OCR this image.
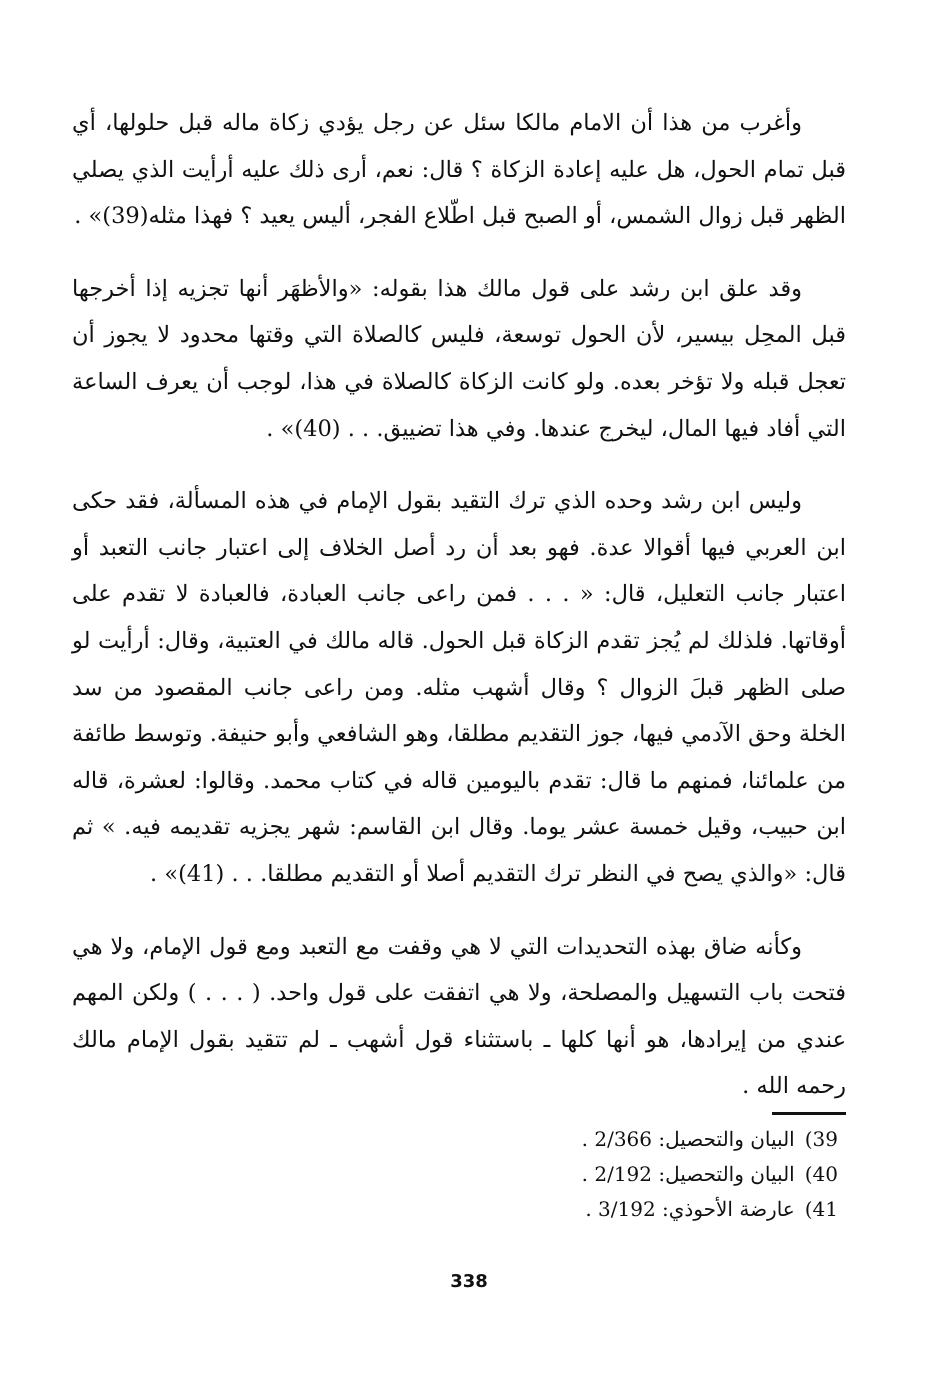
وأغرب من هذا أن الامام مالكا سئل عن رجل يؤدي زكاة ماله قبل حلولها، أي قبل تمام الحول، هل عليه إعادة الزكاة ؟ قال: نعم، أرى ذلك عليه أرأيت الذي يصلي الظهر قبل زوال الشمس، أو الصبح قبل اطّلاع الفجر، أليس يعيد ؟ فهذا مثله(39)» .

وقد علق ابن رشد على قول مالك هذا بقوله: «والأظهَر أنها تجزيه إذا أخرجها قبل المحِل بيسير، لأن الحول توسعة، فليس كالصلاة التي وقتها محدود لا يجوز أن تعجل قبله ولا تؤخر بعده. ولو كانت الزكاة كالصلاة في هذا، لوجب أن يعرف الساعة التي أفاد فيها المال، ليخرج عندها. وفي هذا تضييق. . . (40)» .

وليس ابن رشد وحده الذي ترك التقيد بقول الإمام في هذه المسألة، فقد حكى ابن العربي فيها أقوالا عدة. فهو بعد أن رد أصل الخلاف إلى اعتبار جانب التعبد أو اعتبار جانب التعليل، قال: « . . . فمن راعى جانب العبادة، فالعبادة لا تقدم على أوقاتها. فلذلك لم يُجز تقدم الزكاة قبل الحول. قاله مالك في العتبية، وقال: أرأيت لو صلى الظهر قبلَ الزوال ؟ وقال أشهب مثله. ومن راعى جانب المقصود من سد الخلة وحق الآدمي فيها، جوز التقديم مطلقا، وهو الشافعي وأبو حنيفة. وتوسط طائفة من علمائنا، فمنهم ما قال: تقدم باليومين قاله في كتاب محمد. وقالوا: لعشرة، قاله ابن حبيب، وقيل خمسة عشر يوما. وقال ابن القاسم: شهر يجزيه تقديمه فيه. » ثم قال: «والذي يصح في النظر ترك التقديم أصلا أو التقديم مطلقا. . . (41)» .

وكأنه ضاق بهذه التحديدات التي لا هي وقفت مع التعبد ومع قول الإمام، ولا هي فتحت باب التسهيل والمصلحة، ولا هي اتفقت على قول واحد. ( . . . ) ولكن المهم عندي من إيرادها، هو أنها كلها ـ باستثناء قول أشهب ـ لم تتقيد بقول الإمام مالك رحمه الله .

39)البيان والتحصيل: 2/366 .
40)البيان والتحصيل: 2/192 .
41)عارضة الأحوذي: 3/192 .
338
